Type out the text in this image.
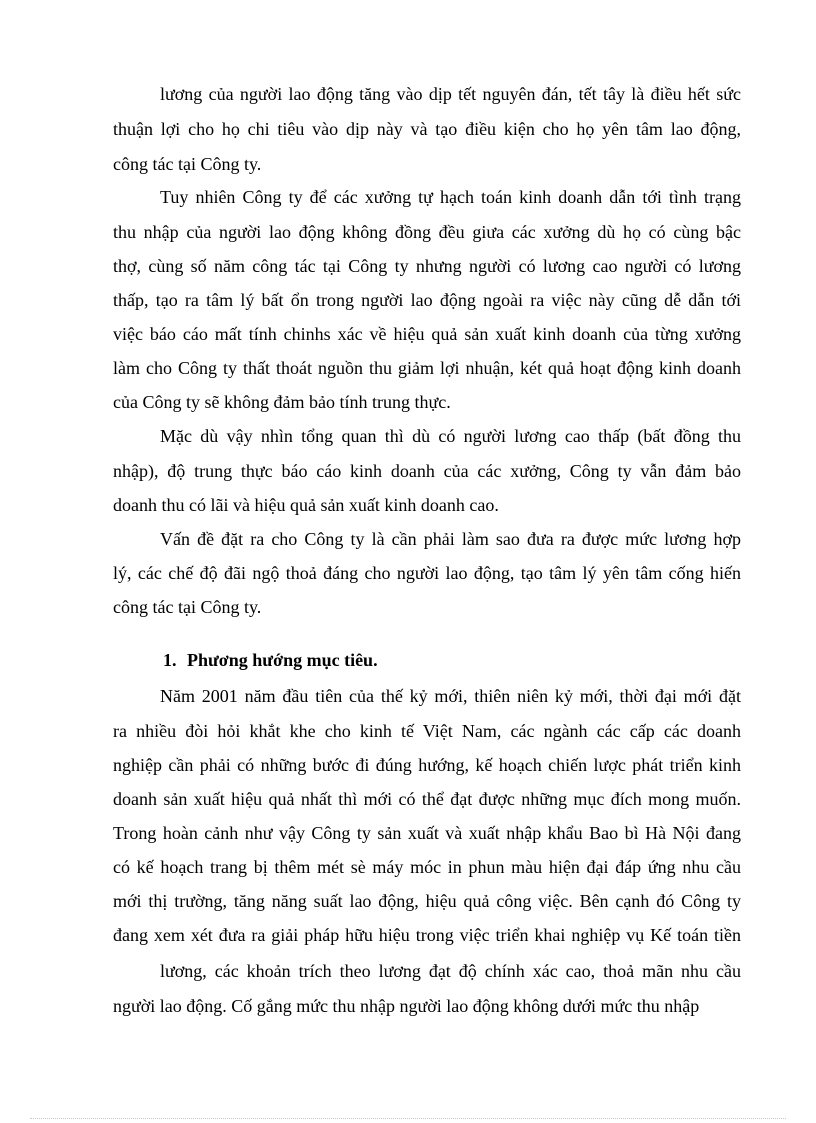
lương của người lao động tăng vào dịp tết nguyên đán, tết tây là điều hết sức
thuận lợi cho họ chi tiêu vào dịp này và tạo điều kiện cho họ yên tâm lao động,
công tác tại Công ty.
Tuy nhiên Công ty để các xưởng tự hạch toán kinh doanh dẫn tới tình trạng
thu nhập của người lao động không đồng đều giưa các xưởng dù họ có cùng bậc
thợ, cùng số năm công tác tại Công ty nhưng người có lương cao người có lương
thấp, tạo ra tâm lý bất ổn trong người lao động ngoài ra việc này cũng dễ dẫn tới
việc báo cáo mất tính chinhs xác về hiệu quả sản xuất kinh doanh của từng xưởng
làm cho Công ty thất thoát nguồn thu giảm lợi nhuận, két quả hoạt động kinh doanh
của Công ty sẽ không đảm bảo tính trung thực.
Mặc dù vậy nhìn tổng quan thì dù có người lương cao thấp (bất đồng thu
nhập), độ trung thực báo cáo kinh doanh của các xưởng, Công ty vẫn đảm bảo
doanh thu có lãi và hiệu quả sản xuất kinh doanh cao.
Vấn đề đặt ra cho Công ty là cần phải làm sao đưa ra được mức lương hợp
lý, các chế độ đãi ngộ thoả đáng cho người lao động, tạo tâm lý yên tâm cống hiến
công tác tại Công ty.
1. Phương hướng mục tiêu.
Năm 2001 năm đầu tiên của thế kỷ mới, thiên niên kỷ mới, thời đại mới đặt
ra nhiều đòi hỏi khắt khe cho kinh tế Việt Nam, các ngành các cấp các doanh
nghiệp cần phải có những bước đi đúng hướng, kế hoạch chiến lược phát triển kinh
doanh sản xuất hiệu quả nhất thì mới có thể đạt được những mục đích mong muốn.
Trong hoàn cảnh như vậy Công ty sản xuất và xuất nhập khẩu Bao bì Hà Nội đang
có kế hoạch trang bị thêm mét sè máy móc in phun màu hiện đại đáp ứng nhu cầu
mới thị trường, tăng năng suất lao động, hiệu quả công việc. Bên cạnh đó Công ty
đang xem xét đưa ra giải pháp hữu hiệu trong việc triển khai nghiệp vụ Kế toán tiền
lương, các khoản trích theo lương đạt độ chính xác cao, thoả mãn nhu cầu
người lao động. Cố gắng mức thu nhập người lao động không dưới mức thu nhập
